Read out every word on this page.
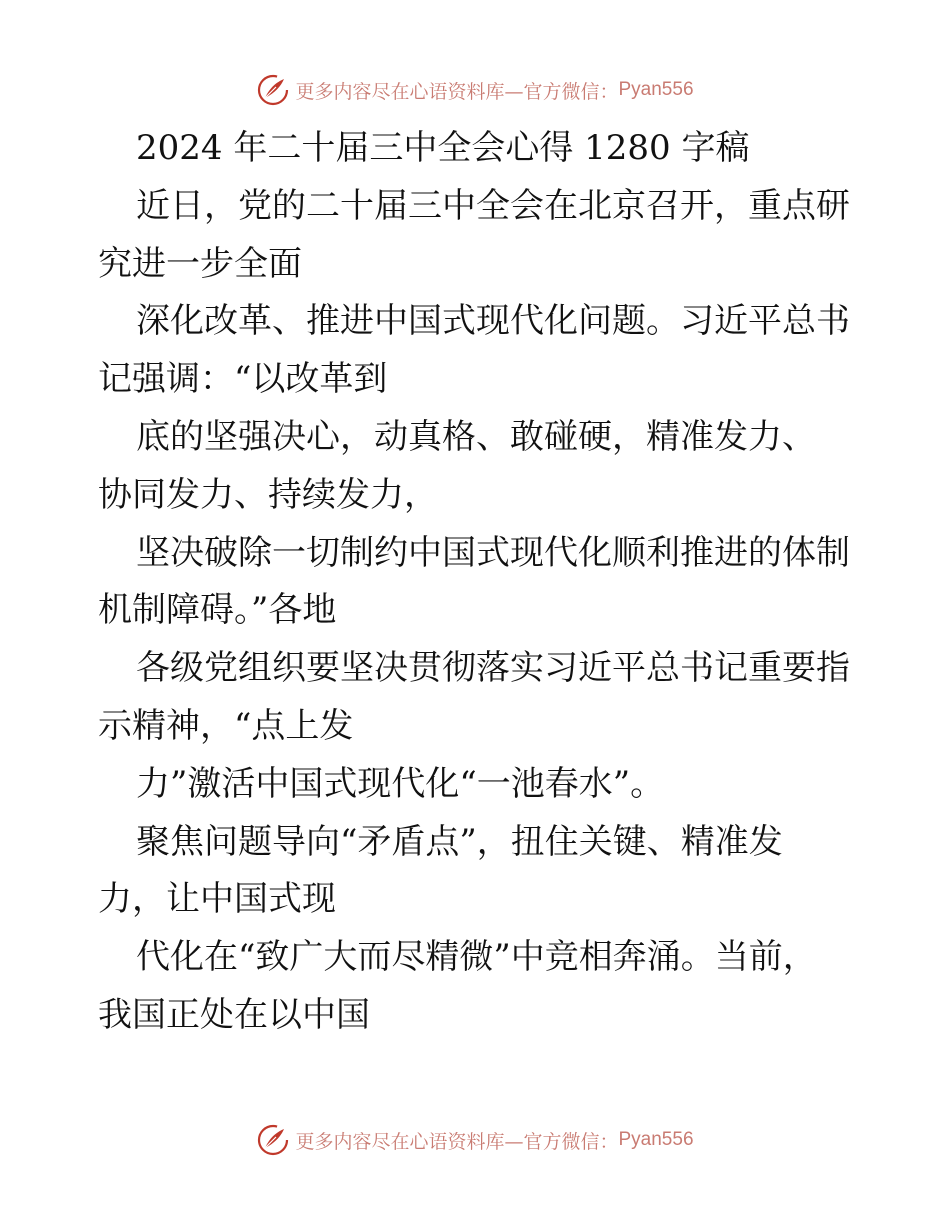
更多内容尽在心语资料库—官方微信： Pyan556

2024 年二十届三中全会心得 1280 字稿

近日，党的二十届三中全会在北京召开，重点研

究进一步全面

深化改革、推进中国式现代化问题。习近平总书

记强调：“以改革到

底的坚强决心，动真格、敢碰硬，精准发力、

协同发力、持续发力，

坚决破除一切制约中国式现代化顺利推进的体制

机制障碍。”各地

各级党组织要坚决贯彻落实习近平总书记重要指

示精神，“点上发

力”激活中国式现代化“一池春水”。

聚焦问题导向“矛盾点”，扭住关键、精准发

力，让中国式现

代化在“致广大而尽精微”中竞相奔涌。当前，

我国正处在以中国

更多内容尽在心语资料库—官方微信： Pyan556
